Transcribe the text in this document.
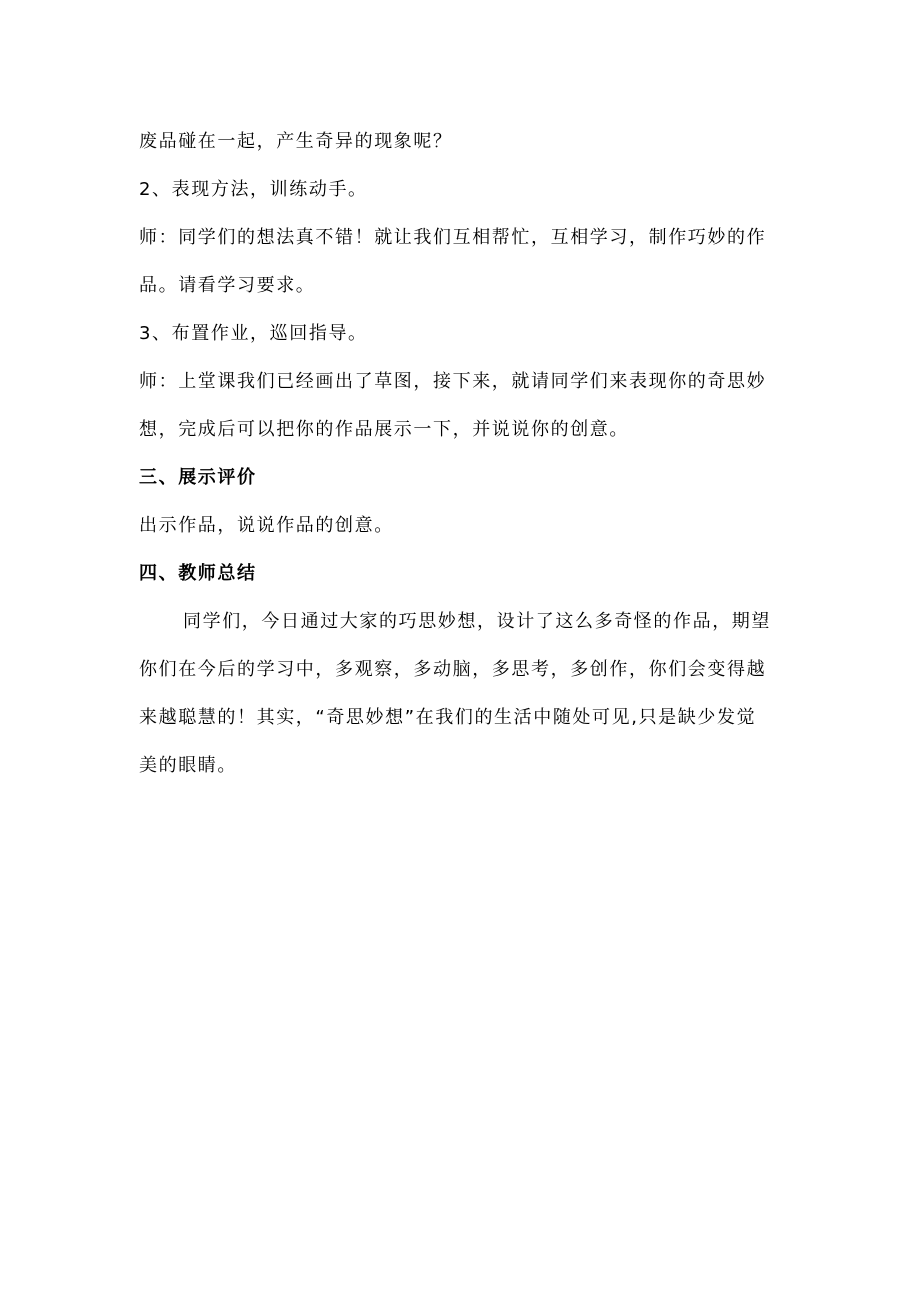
废品碰在一起，产生奇异的现象呢？

2、表现方法，训练动手。

师：同学们的想法真不错！就让我们互相帮忙，互相学习，制作巧妙的作

品。请看学习要求。

3、布置作业，巡回指导。

师：上堂课我们已经画出了草图，接下来，就请同学们来表现你的奇思妙

想，完成后可以把你的作品展示一下，并说说你的创意。

三、展示评价

出示作品，说说作品的创意。

四、教师总结

同学们，今日通过大家的巧思妙想，设计了这么多奇怪的作品，期望

你们在今后的学习中，多观察，多动脑，多思考，多创作，你们会变得越

来越聪慧的！其实，“奇思妙想”在我们的生活中随处可见,只是缺少发觉

美的眼睛。
